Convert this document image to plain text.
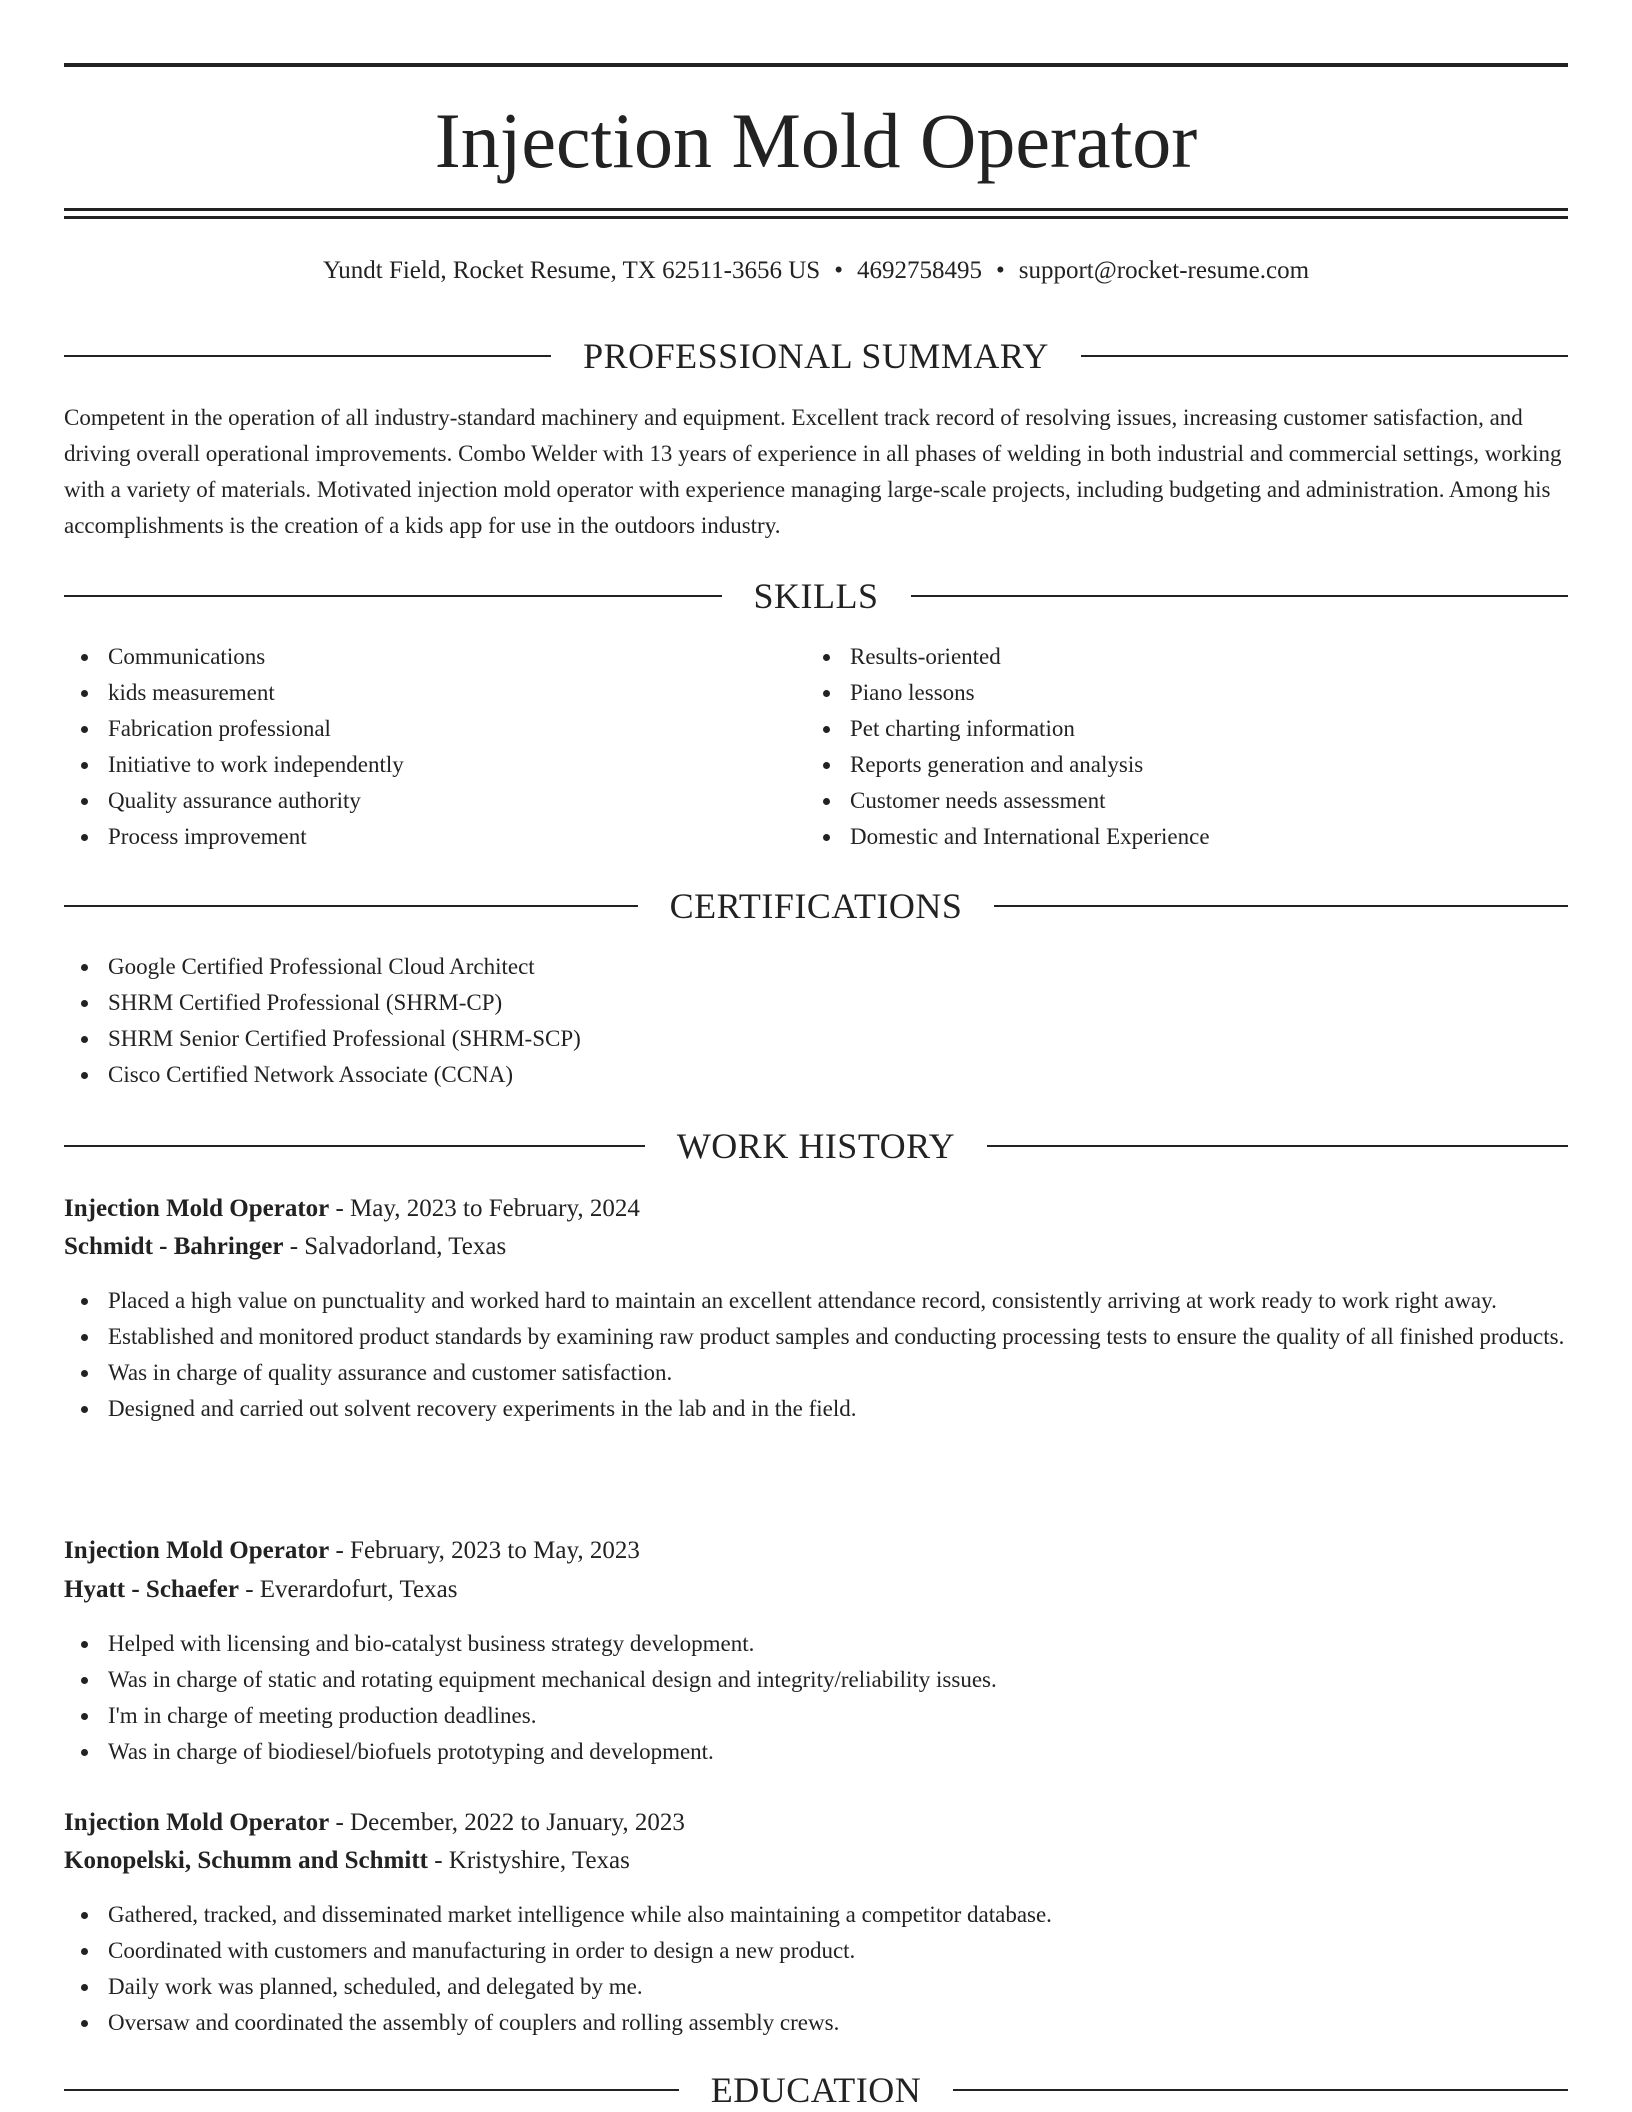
Injection Mold Operator
Yundt Field, Rocket Resume, TX 62511-3656 US • 4692758495 • support@rocket-resume.com
PROFESSIONAL SUMMARY

Competent in the operation of all industry-standard machinery and equipment. Excellent track record of resolving issues, increasing customer satisfaction, and driving overall operational improvements. Combo Welder with 13 years of experience in all phases of welding in both industrial and commercial settings, working with a variety of materials. Motivated injection mold operator with experience managing large-scale projects, including budgeting and administration. Among his accomplishments is the creation of a kids app for use in the outdoors industry.

SKILLS
Communications
kids measurement
Fabrication professional
Initiative to work independently
Quality assurance authority
Process improvement
Results-oriented
Piano lessons
Pet charting information
Reports generation and analysis
Customer needs assessment
Domestic and International Experience
CERTIFICATIONS
Google Certified Professional Cloud Architect
SHRM Certified Professional (SHRM-CP)
SHRM Senior Certified Professional (SHRM-SCP)
Cisco Certified Network Associate (CCNA)
WORK HISTORY
Injection Mold Operator - May, 2023 to February, 2024
Schmidt - Bahringer - Salvadorland, Texas
Placed a high value on punctuality and worked hard to maintain an excellent attendance record, consistently arriving at work ready to work right away.
Established and monitored product standards by examining raw product samples and conducting processing tests to ensure the quality of all finished products.
Was in charge of quality assurance and customer satisfaction.
Designed and carried out solvent recovery experiments in the lab and in the field.
Injection Mold Operator - February, 2023 to May, 2023
Hyatt - Schaefer - Everardofurt, Texas
Helped with licensing and bio-catalyst business strategy development.
Was in charge of static and rotating equipment mechanical design and integrity/reliability issues.
I'm in charge of meeting production deadlines.
Was in charge of biodiesel/biofuels prototyping and development.
Injection Mold Operator - December, 2022 to January, 2023
Konopelski, Schumm and Schmitt - Kristyshire, Texas
Gathered, tracked, and disseminated market intelligence while also maintaining a competitor database.
Coordinated with customers and manufacturing in order to design a new product.
Daily work was planned, scheduled, and delegated by me.
Oversaw and coordinated the assembly of couplers and rolling assembly crews.
EDUCATION
